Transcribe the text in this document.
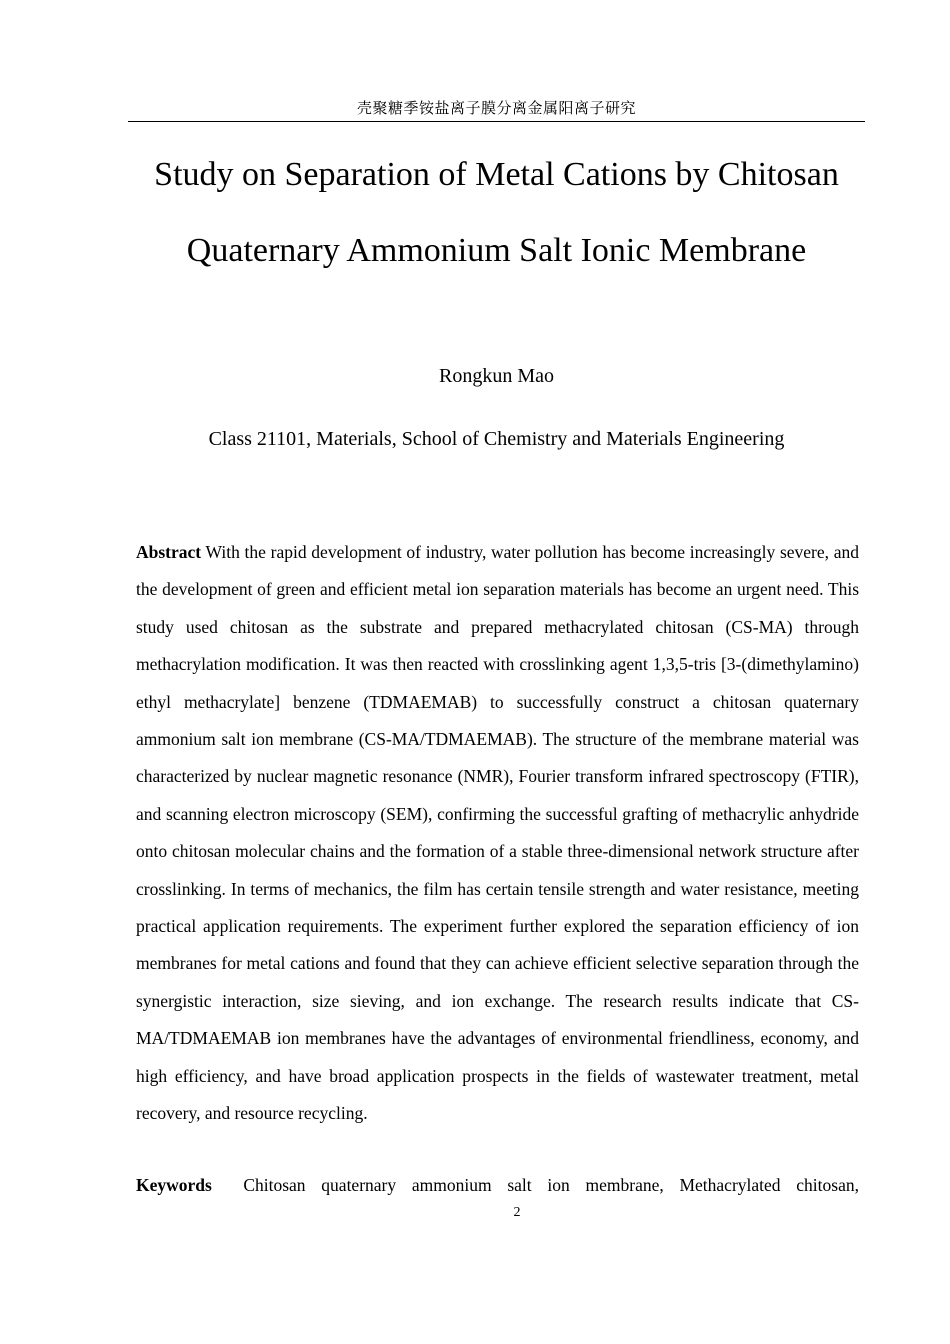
壳聚糖季铵盐离子膜分离金属阳离子研究
Study on Separation of Metal Cations by Chitosan
Quaternary Ammonium Salt Ionic Membrane
Rongkun Mao
Class 21101, Materials, School of Chemistry and Materials Engineering

Abstract With the rapid development of industry, water pollution has become increasingly severe, and the development of green and efficient metal ion separation materials has become an urgent need. This study used chitosan as the substrate and prepared methacrylated chitosan (CS-MA) through methacrylation modification. It was then reacted with crosslinking agent 1,3,5-tris [3-(dimethylamino) ethyl methacrylate] benzene (TDMAEMAB) to successfully construct a chitosan quaternary ammonium salt ion membrane (CS-MA/TDMAEMAB). The structure of the membrane material was characterized by nuclear magnetic resonance (NMR), Fourier transform infrared spectroscopy (FTIR), and scanning electron microscopy (SEM), confirming the successful grafting of methacrylic anhydride onto chitosan molecular chains and the formation of a stable three-dimensional network structure after crosslinking. In terms of mechanics, the film has certain tensile strength and water resistance, meeting practical application requirements. The experiment further explored the separation efficiency of ion membranes for metal cations and found that they can achieve efficient selective separation through the synergistic interaction, size sieving, and ion exchange. The research results indicate that CS-MA/TDMAEMAB ion membranes have the advantages of environmental friendliness, economy, and high efficiency, and have broad application prospects in the fields of wastewater treatment, metal recovery, and resource recycling.

Keywords Chitosan quaternary ammonium salt ion membrane, Methacrylated chitosan,

2
